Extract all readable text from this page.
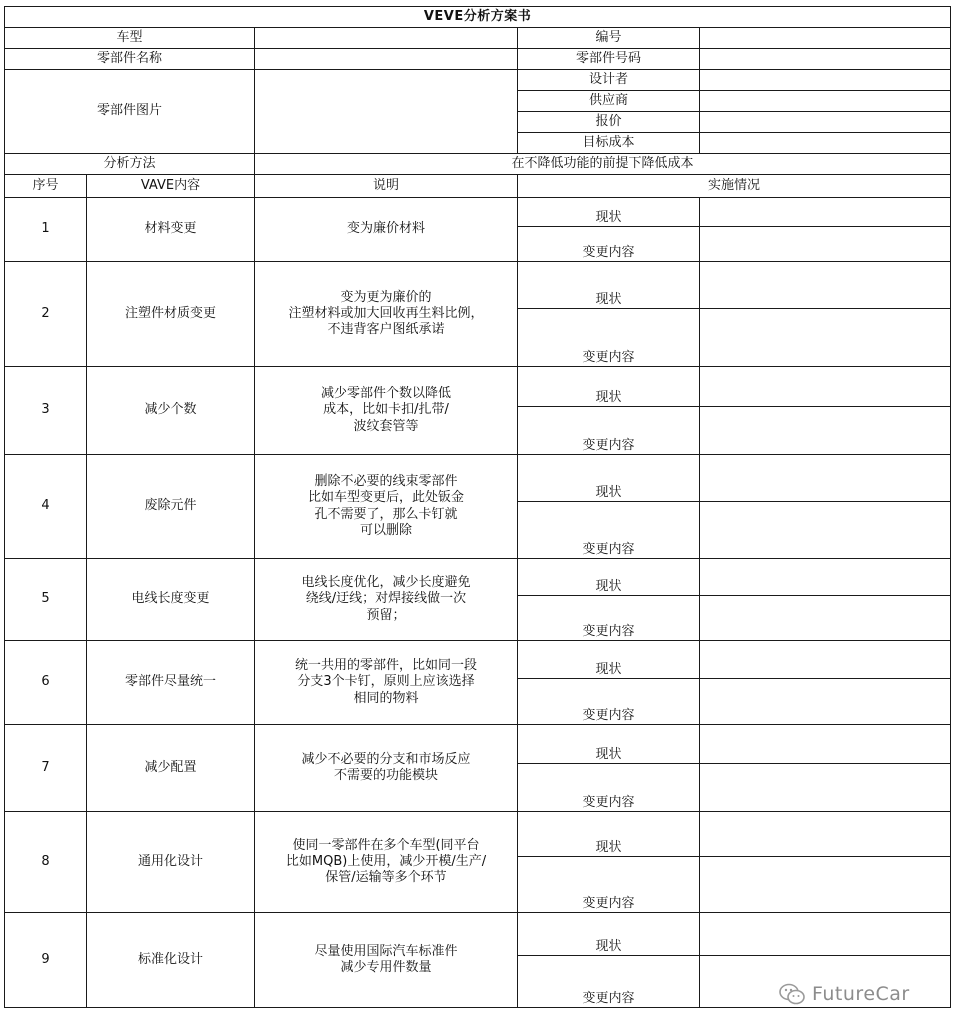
VEVE分析方案书				
车型			编号	
零部件名称			零部件号码	
零部件图片			设计者	
			供应商	
			报价	
			目标成本	
分析方法		在不降低功能的前提下降低成本		
序号	VAVE内容	说明	实施情况	
1	材料变更	变为廉价材料	现状	
			变更内容	
2	注塑件材质变更	变为更为廉价的
注塑材料或加大回收再生料比例，
不违背客户图纸承诺	现状	
			变更内容	
3	减少个数	减少零部件个数以降低
成本，比如卡扣/扎带/
波纹套管等	现状	
			变更内容	
4	废除元件	删除不必要的线束零部件
比如车型变更后，此处钣金
孔不需要了，那么卡钉就
可以删除	现状	
			变更内容	
5	电线长度变更	电线长度优化，减少长度避免
绕线/迂线；对焊接线做一次
预留；	现状	
			变更内容	
6	零部件尽量统一	统一共用的零部件，比如同一段
分支3个卡钉，原则上应该选择
相同的物料	现状	
			变更内容	
7	减少配置	减少不必要的分支和市场反应
不需要的功能模块	现状	
			变更内容	
8	通用化设计	使同一零部件在多个车型(同平台
比如MQB)上使用，减少开模/生产/
保管/运输等多个环节	现状	
			变更内容	
9	标准化设计	尽量使用国际汽车标准件
减少专用件数量	现状	
			变更内容		FutureCar
